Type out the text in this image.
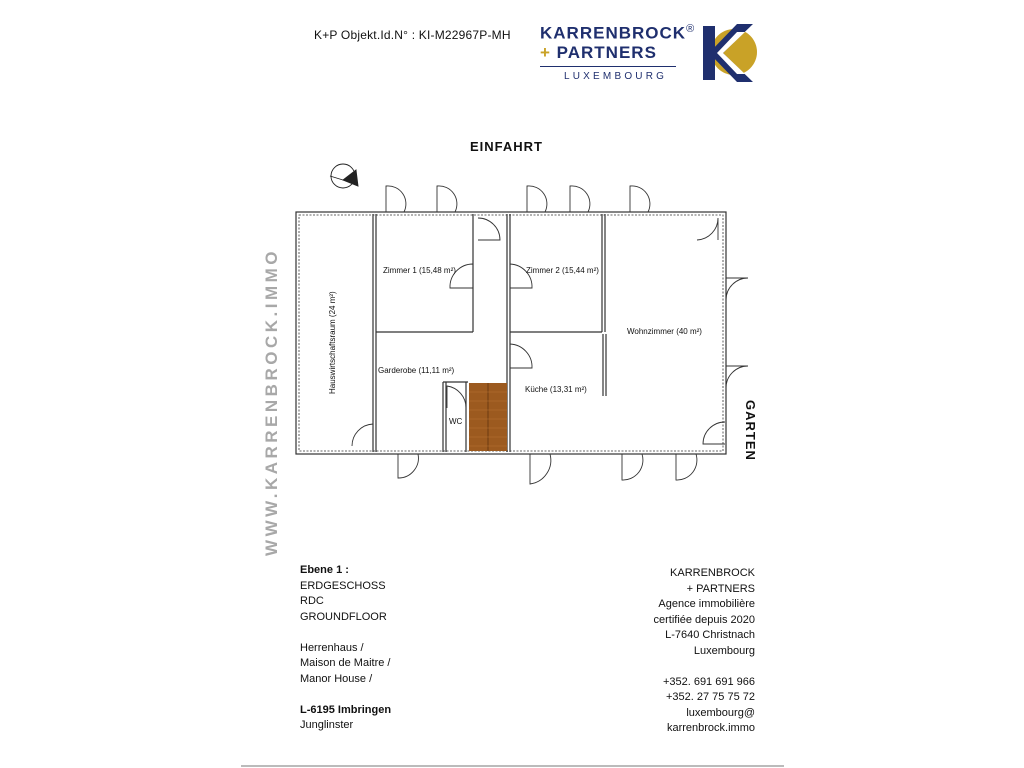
K+P Objekt.Id.N° : KI-M22967P-MH KARRENBROCK®
+ PARTNERS
LUXEMBOURG
Hauswirtschaftsraum (24 m²)
Zimmer 1 (15,48 m²)	Zimmer 2 (15,44 m²)
Wohnzimmer (40 m²)
Garderobe (11,11 m²)
Küche (13,31 m²)
WC
EINFAHRT
GARTEN
WWW.KARRENBROCK.IMMO
Ebene 1 :
ERDGESCHOSS
RDC
GROUNDFLOOR
Herrenhaus /
Maison de Maitre /
Manor House /
L-6195 Imbringen
Junglinster
KARRENBROCK
+ PARTNERS
Agence immobilière
certifiée depuis 2020
L-7640 Christnach
Luxembourg
+352. 691 691 966
+352. 27 75 75 72
luxembourg@
karrenbrock.immo
